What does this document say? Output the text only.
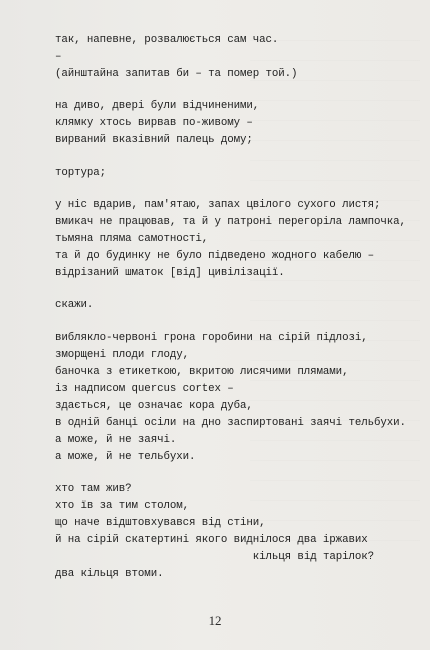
так, напевне, розвалюється сам час.
–
(айнштайна запитав би – та помер той.)
на диво, двері були відчиненими,
клямку хтось вирвав по-живому –
вирваний вказівний палець дому;
тортура;
у ніс вдарив, пам'ятаю, запах цвілого сухого листя;
вмикач не працював, та й у патроні перегоріла лампочка,
тьмяна пляма самотності,
та й до будинку не було підведено жодного кабелю –
відрізаний шматок [від] цивілізації.
скажи.
виблякло-червоні грона горобини на сірій підлозі,
зморщені плоди глоду,
баночка з етикеткою, вкритою лисячими плямами,
із надписом quercus cortex –
здається, це означає кора дуба,
в одній банці осіли на дно заспиртовані заячі тельбухи.
а може, й не заячі.
а може, й не тельбухи.
хто там жив?
хто їв за тим столом,
що наче відштовхувався від стіни,
й на сірій скатертині якого виднілося два іржавих
кільця від тарілок?
два кільця втоми.
12
